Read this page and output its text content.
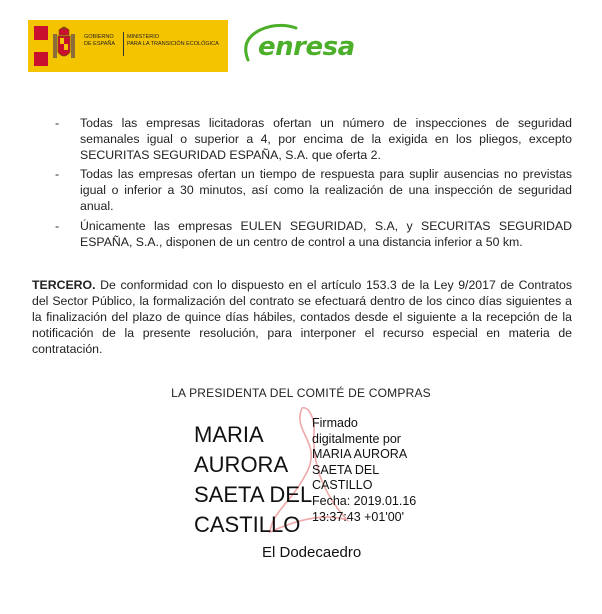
GOBIERNO
DE ESPAÑA
MINISTERIO
PARA LA TRANSICIÓN ECOLÓGICA enresa
- Todas las empresas licitadoras ofertan un número de inspecciones de seguridad semanales igual o superior a 4, por encima de la exigida en los pliegos, excepto SECURITAS SEGURIDAD ESPAÑA, S.A. que oferta 2.
- Todas las empresas ofertan un tiempo de respuesta para suplir ausencias no previstas igual o inferior a 30 minutos, así como la realización de una inspección de seguridad anual.
- Únicamente las empresas EULEN SEGURIDAD, S.A, y SECURITAS SEGURIDAD ESPAÑA, S.A., disponen de un centro de control a una distancia inferior a 50 km.
TERCERO. De conformidad con lo dispuesto en el artículo 153.3 de la Ley 9/2017 de Contratos del Sector Público, la formalización del contrato se efectuará dentro de los cinco días siguientes a la finalización del plazo de quince días hábiles, contados desde el siguiente a la recepción de la notificación de la presente resolución, para interponer el recurso especial en materia de contratación.
LA PRESIDENTA DEL COMITÉ DE COMPRAS
MARIA
AURORA
SAETA DEL
CASTILLO
Firmado
digitalmente por
MARIA AURORA
SAETA DEL
CASTILLO
Fecha: 2019.01.16
13:37:43 +01'00'
El Dodecaedro
